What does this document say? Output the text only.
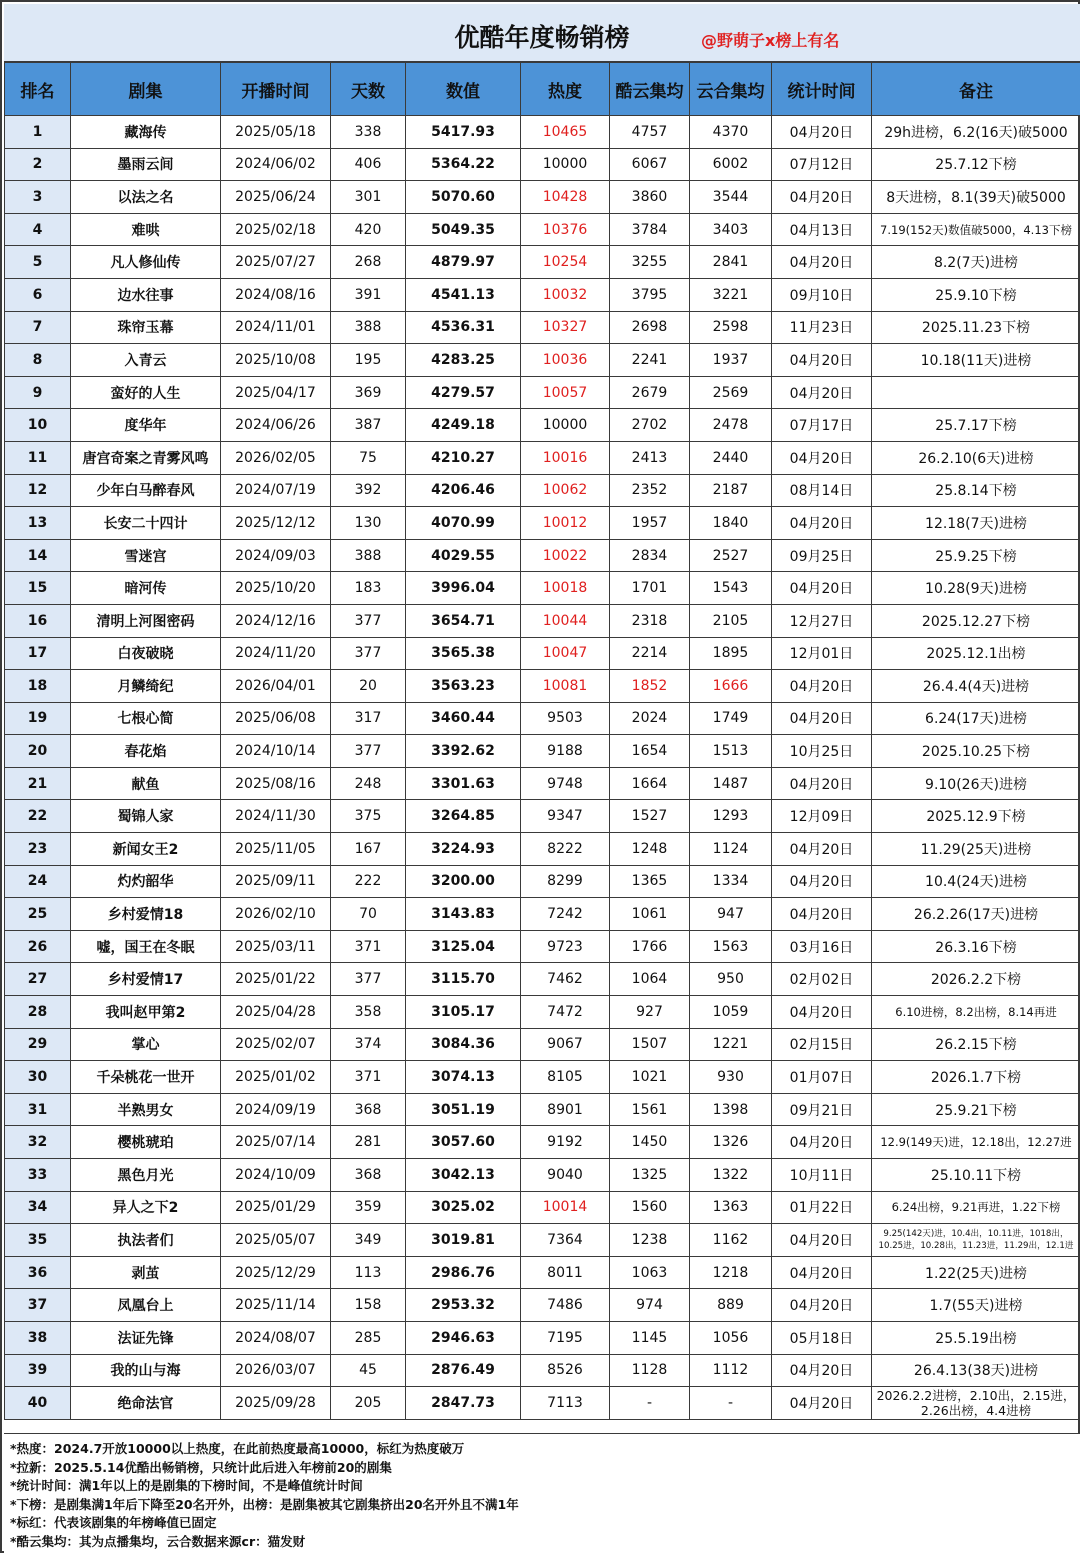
优酷年度畅销榜	@野萌子x榜上有名
排名	剧集	开播时间	天数	数值	热度	酷云集均	云合集均	统计时间	备注
1	藏海传	2025/05/18	338	5417.93	10465	4757	4370	04月20日	29h进榜，6.2(16天)破5000
2	墨雨云间	2024/06/02	406	5364.22	10000	6067	6002	07月12日	25.7.12下榜
3	以法之名	2025/06/24	301	5070.60	10428	3860	3544	04月20日	8天进榜，8.1(39天)破5000
4	难哄	2025/02/18	420	5049.35	10376	3784	3403	04月13日	7.19(152天)数值破5000，4.13下榜
5	凡人修仙传	2025/07/27	268	4879.97	10254	3255	2841	04月20日	8.2(7天)进榜
6	边水往事	2024/08/16	391	4541.13	10032	3795	3221	09月10日	25.9.10下榜
7	珠帘玉幕	2024/11/01	388	4536.31	10327	2698	2598	11月23日	2025.11.23下榜
8	入青云	2025/10/08	195	4283.25	10036	2241	1937	04月20日	10.18(11天)进榜
9	蛮好的人生	2025/04/17	369	4279.57	10057	2679	2569	04月20日	
10	度华年	2024/06/26	387	4249.18	10000	2702	2478	07月17日	25.7.17下榜
11	唐宫奇案之青雾风鸣	2026/02/05	75	4210.27	10016	2413	2440	04月20日	26.2.10(6天)进榜
12	少年白马醉春风	2024/07/19	392	4206.46	10062	2352	2187	08月14日	25.8.14下榜
13	长安二十四计	2025/12/12	130	4070.99	10012	1957	1840	04月20日	12.18(7天)进榜
14	雪迷宫	2024/09/03	388	4029.55	10022	2834	2527	09月25日	25.9.25下榜
15	暗河传	2025/10/20	183	3996.04	10018	1701	1543	04月20日	10.28(9天)进榜
16	清明上河图密码	2024/12/16	377	3654.71	10044	2318	2105	12月27日	2025.12.27下榜
17	白夜破晓	2024/11/20	377	3565.38	10047	2214	1895	12月01日	2025.12.1出榜
18	月鳞绮纪	2026/04/01	20	3563.23	10081	1852	1666	04月20日	26.4.4(4天)进榜
19	七根心简	2025/06/08	317	3460.44	9503	2024	1749	04月20日	6.24(17天)进榜
20	春花焰	2024/10/14	377	3392.62	9188	1654	1513	10月25日	2025.10.25下榜
21	献鱼	2025/08/16	248	3301.63	9748	1664	1487	04月20日	9.10(26天)进榜
22	蜀锦人家	2024/11/30	375	3264.85	9347	1527	1293	12月09日	2025.12.9下榜
23	新闻女王2	2025/11/05	167	3224.93	8222	1248	1124	04月20日	11.29(25天)进榜
24	灼灼韶华	2025/09/11	222	3200.00	8299	1365	1334	04月20日	10.4(24天)进榜
25	乡村爱情18	2026/02/10	70	3143.83	7242	1061	947	04月20日	26.2.26(17天)进榜
26	嘘，国王在冬眠	2025/03/11	371	3125.04	9723	1766	1563	03月16日	26.3.16下榜
27	乡村爱情17	2025/01/22	377	3115.70	7462	1064	950	02月02日	2026.2.2下榜
28	我叫赵甲第2	2025/04/28	358	3105.17	7472	927	1059	04月20日	6.10进榜，8.2出榜，8.14再进
29	掌心	2025/02/07	374	3084.36	9067	1507	1221	02月15日	26.2.15下榜
30	千朵桃花一世开	2025/01/02	371	3074.13	8105	1021	930	01月07日	2026.1.7下榜
31	半熟男女	2024/09/19	368	3051.19	8901	1561	1398	09月21日	25.9.21下榜
32	樱桃琥珀	2025/07/14	281	3057.60	9192	1450	1326	04月20日	12.9(149天)进，12.18出，12.27进
33	黑色月光	2024/10/09	368	3042.13	9040	1325	1322	10月11日	25.10.11下榜
34	异人之下2	2025/01/29	359	3025.02	10014	1560	1363	01月22日	6.24出榜，9.21再进，1.22下榜
35	执法者们	2025/05/07	349	3019.81	7364	1238	1162	04月20日	9.25(142天)进，10.4出，10.11进，1018出，10.25进，10.28出，11.23进，11.29出，12.1进
36	剥茧	2025/12/29	113	2986.76	8011	1063	1218	04月20日	1.22(25天)进榜
37	凤凰台上	2025/11/14	158	2953.32	7486	974	889	04月20日	1.7(55天)进榜
38	法证先锋	2024/08/07	285	2946.63	7195	1145	1056	05月18日	25.5.19出榜
39	我的山与海	2026/03/07	45	2876.49	8526	1128	1112	04月20日	26.4.13(38天)进榜
40	绝命法官	2025/09/28	205	2847.73	7113	-	-	04月20日	2026.2.2进榜，2.10出，2.15进，2.26出榜，4.4进榜
*热度：2024.7开放10000以上热度，在此前热度最高10000，标红为热度破万
*拉新：2025.5.14优酷出畅销榜，只统计此后进入年榜前20的剧集
*统计时间：满1年以上的是剧集的下榜时间，不是峰值统计时间
*下榜：是剧集满1年后下降至20名开外，出榜：是剧集被其它剧集挤出20名开外且不满1年
*标红：代表该剧集的年榜峰值已固定
*酷云集均：其为点播集均，云合数据来源cr：猫发财
